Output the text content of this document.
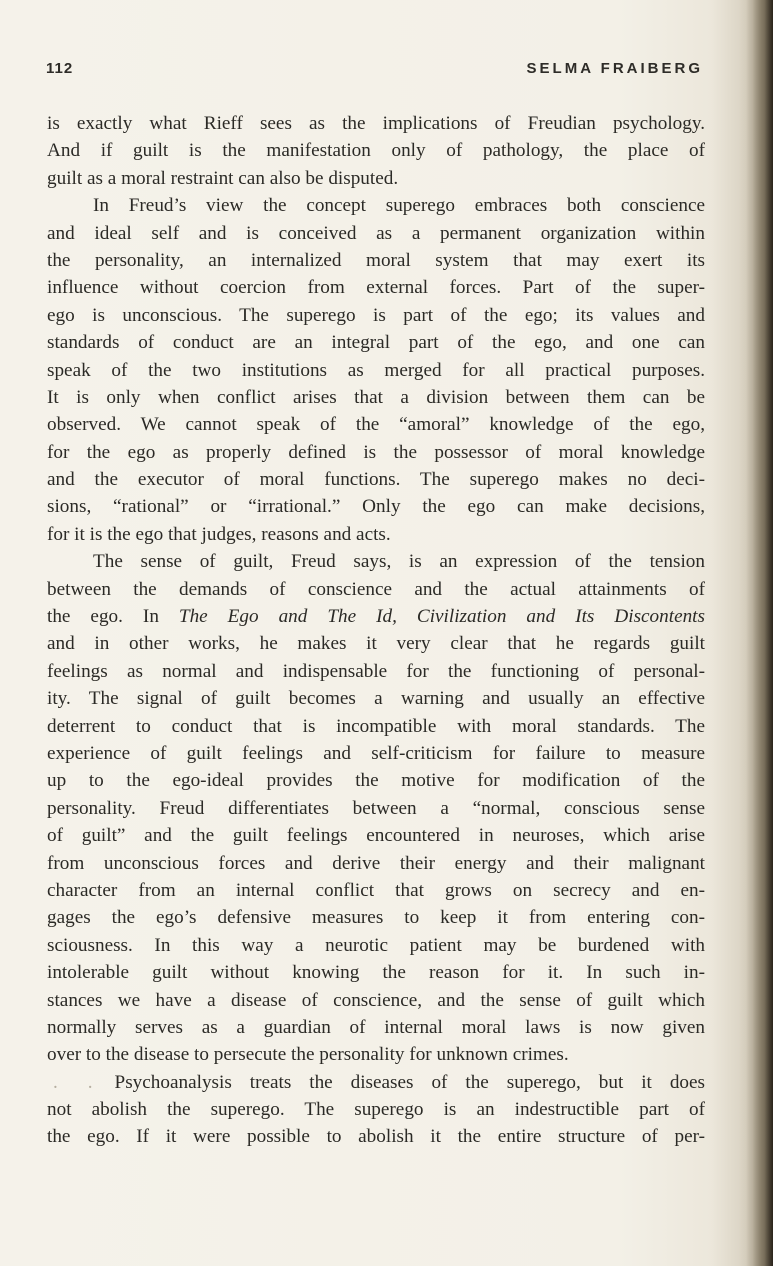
112	SELMA FRAIBERG
is exactly what Rieff sees as the implications of Freudian psychology.
And if guilt is the manifestation only of pathology, the place of
guilt as a moral restraint can also be disputed.
In Freud’s view the concept superego embraces both conscience
and ideal self and is conceived as a permanent organization within
the personality, an internalized moral system that may exert its
influence without coercion from external forces. Part of the super-
ego is unconscious. The superego is part of the ego; its values and
standards of conduct are an integral part of the ego, and one can
speak of the two institutions as merged for all practical purposes.
It is only when conflict arises that a division between them can be
observed. We cannot speak of the “amoral” knowledge of the ego,
for the ego as properly defined is the possessor of moral knowledge
and the executor of moral functions. The superego makes no deci-
sions, “rational” or “irrational.” Only the ego can make decisions,
for it is the ego that judges, reasons and acts.
The sense of guilt, Freud says, is an expression of the tension
between the demands of conscience and the actual attainments of
the ego. In The Ego and The Id, Civilization and Its Discontents
and in other works, he makes it very clear that he regards guilt
feelings as normal and indispensable for the functioning of personal-
ity. The signal of guilt becomes a warning and usually an effective
deterrent to conduct that is incompatible with moral standards. The
experience of guilt feelings and self-criticism for failure to measure
up to the ego-ideal provides the motive for modification of the
personality. Freud differentiates between a “normal, conscious sense
of guilt” and the guilt feelings encountered in neuroses, which arise
from unconscious forces and derive their energy and their malignant
character from an internal conflict that grows on secrecy and en-
gages the ego’s defensive measures to keep it from entering con-
sciousness. In this way a neurotic patient may be burdened with
intolerable guilt without knowing the reason for it. In such in-
stances we have a disease of conscience, and the sense of guilt which
normally serves as a guardian of internal moral laws is now given
over to the disease to persecute the personality for unknown crimes.
. . Psychoanalysis treats the diseases of the superego, but it does
not abolish the superego. The superego is an indestructible part of
the ego. If it were possible to abolish it the entire structure of per-
